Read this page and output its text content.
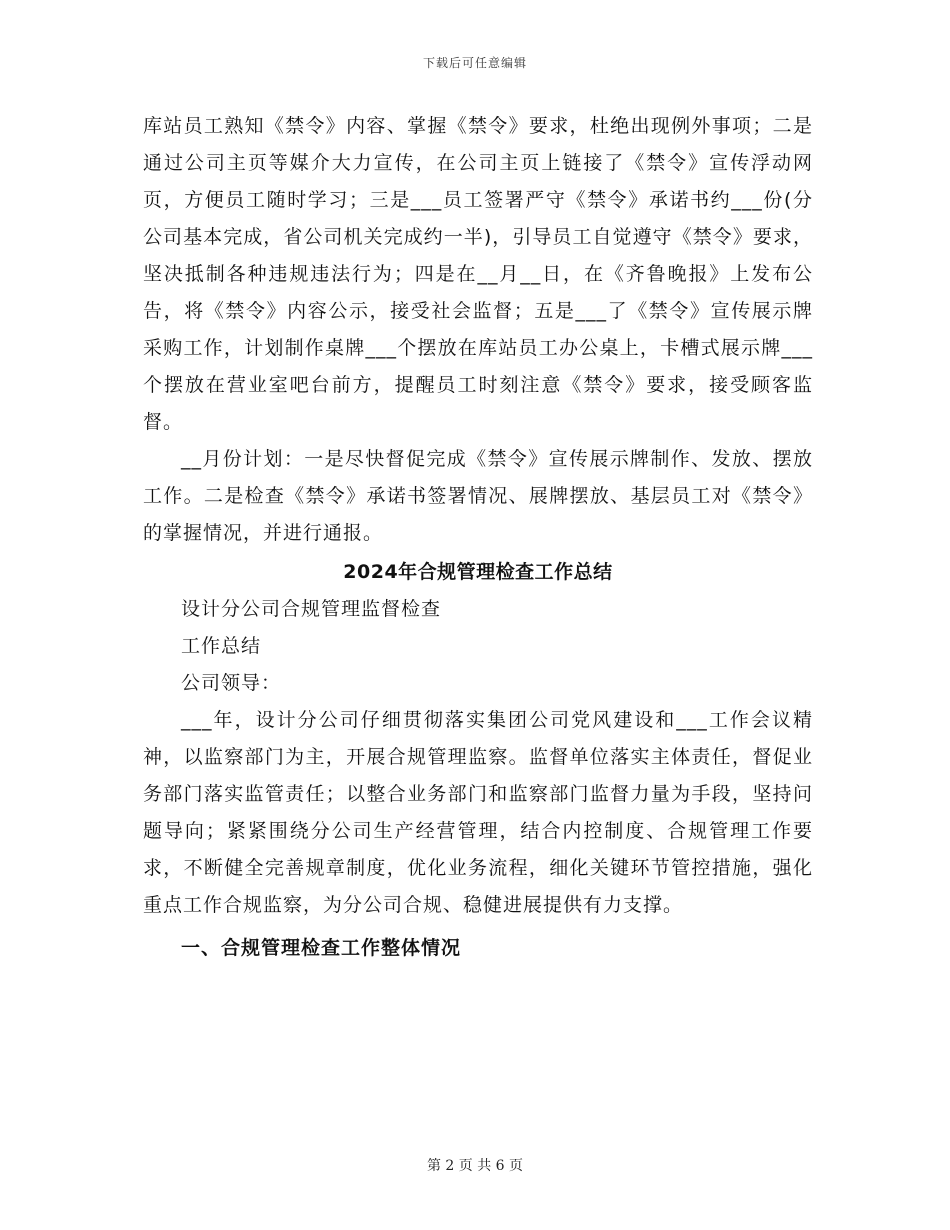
下载后可任意编辑

库站员工熟知《禁令》内容、掌握《禁令》要求，杜绝出现例外事项；二是通过公司主页等媒介大力宣传，在公司主页上链接了《禁令》宣传浮动网页，方便员工随时学习；三是___员工签署严守《禁令》承诺书约___份(分公司基本完成，省公司机关完成约一半)，引导员工自觉遵守《禁令》要求，坚决抵制各种违规违法行为；四是在__月__日，在《齐鲁晚报》上发布公告，将《禁令》内容公示，接受社会监督；五是___了《禁令》宣传展示牌采购工作，计划制作桌牌___个摆放在库站员工办公桌上，卡槽式展示牌___个摆放在营业室吧台前方，提醒员工时刻注意《禁令》要求，接受顾客监督。

__月份计划：一是尽快督促完成《禁令》宣传展示牌制作、发放、摆放工作。二是检查《禁令》承诺书签署情况、展牌摆放、基层员工对《禁令》的掌握情况，并进行通报。

2024年合规管理检查工作总结

设计分公司合规管理监督检查

工作总结

公司领导：

___年，设计分公司仔细贯彻落实集团公司党风建设和___工作会议精神，以监察部门为主，开展合规管理监察。监督单位落实主体责任，督促业务部门落实监管责任；以整合业务部门和监察部门监督力量为手段，坚持问题导向；紧紧围绕分公司生产经营管理，结合内控制度、合规管理工作要求，不断健全完善规章制度，优化业务流程，细化关键环节管控措施，强化重点工作合规监察，为分公司合规、稳健进展提供有力支撑。

一、合规管理检查工作整体情况

第 2 页 共 6 页
